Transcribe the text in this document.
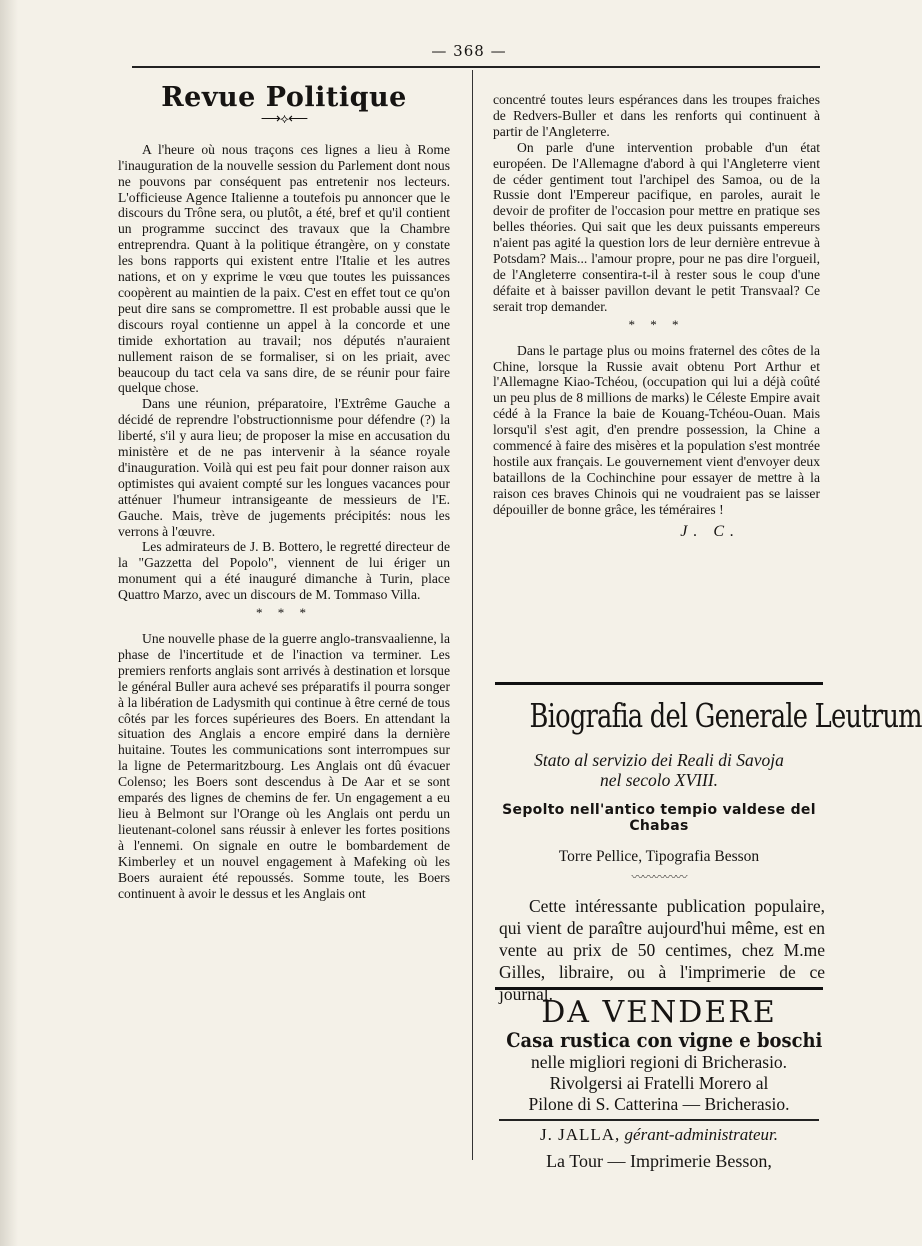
— 368 —
Revue Politique
⟶⟡⟵

A l'heure où nous traçons ces lignes a lieu à Rome l'inauguration de la nouvelle session du Parlement dont nous ne pouvons par conséquent pas entretenir nos lecteurs. L'officieuse Agence Italienne a toutefois pu annoncer que le discours du Trône sera, ou plutôt, a été, bref et qu'il contient un programme succinct des travaux que la Chambre entreprendra. Quant à la politique étrangère, on y constate les bons rapports qui existent entre l'Italie et les autres nations, et on y exprime le vœu que toutes les puissances coopèrent au maintien de la paix. C'est en effet tout ce qu'on peut dire sans se compromettre. Il est probable aussi que le discours royal contienne un appel à la concorde et une timide exhortation au travail; nos députés n'auraient nullement raison de se formaliser, si on les priait, avec beaucoup du tact cela va sans dire, de se réunir pour faire quelque chose.

Dans une réunion, préparatoire, l'Extrême Gauche a décidé de reprendre l'obstructionnisme pour défendre (?) la liberté, s'il y aura lieu; de proposer la mise en accusation du ministère et de ne pas intervenir à la séance royale d'inauguration. Voilà qui est peu fait pour donner raison aux optimistes qui avaient compté sur les longues vacances pour atténuer l'humeur intransigeante de messieurs de l'E. Gauche. Mais, trève de jugements précipités: nous les verrons à l'œuvre.

Les admirateurs de J. B. Bottero, le regretté directeur de la "Gazzetta del Popolo", viennent de lui ériger un monument qui a été inauguré dimanche à Turin, place Quattro Marzo, avec un discours de M. Tommaso Villa.

* * *

Une nouvelle phase de la guerre anglo-transvaalienne, la phase de l'incertitude et de l'inaction va terminer. Les premiers renforts anglais sont arrivés à destination et lorsque le général Buller aura achevé ses préparatifs il pourra songer à la libération de Ladysmith qui continue à être cerné de tous côtés par les forces supérieures des Boers. En attendant la situation des Anglais a encore empiré dans la dernière huitaine. Toutes les communications sont interrompues sur la ligne de Petermaritzbourg. Les Anglais ont dû évacuer Colenso; les Boers sont descendus à De Aar et se sont emparés des lignes de chemins de fer. Un engagement a eu lieu à Belmont sur l'Orange où les Anglais ont perdu un lieutenant-colonel sans réussir à enlever les fortes positions à l'ennemi. On signale en outre le bombardement de Kimberley et un nouvel engagement à Mafeking où les Boers auraient été repoussés. Somme toute, les Boers continuent à avoir le dessus et les Anglais ont

concentré toutes leurs espérances dans les troupes fraiches de Redvers-Buller et dans les renforts qui continuent à partir de l'Angleterre.

On parle d'une intervention probable d'un état européen. De l'Allemagne d'abord à qui l'Angleterre vient de céder gentiment tout l'archipel des Samoa, ou de la Russie dont l'Empereur pacifique, en paroles, aurait le devoir de profiter de l'occasion pour mettre en pratique ses belles théories. Qui sait que les deux puissants empereurs n'aient pas agité la question lors de leur dernière entrevue à Potsdam? Mais... l'amour propre, pour ne pas dire l'orgueil, de l'Angleterre consentira-t-il à rester sous le coup d'une défaite et à baisser pavillon devant le petit Transvaal? Ce serait trop demander.

* * *

Dans le partage plus ou moins fraternel des côtes de la Chine, lorsque la Russie avait obtenu Port Arthur et l'Allemagne Kiao-Tchéou, (occupation qui lui a déjà coûté un peu plus de 8 millions de marks) le Céleste Empire avait cédé à la France la baie de Kouang-Tchéou-Ouan. Mais lorsqu'il s'est agit, d'en prendre possession, la Chine a commencé à faire des misères et la population s'est montrée hostile aux français. Le gouvernement vient d'envoyer deux bataillons de la Cochinchine pour essayer de mettre à la raison ces braves Chinois qui ne voudraient pas se laisser dépouiller de bonne grâce, les téméraires !

J. C.
Biografia del Generale Leutrum

Stato al servizio dei Reali di Savoja

nel secolo XVIII.

Sepolto nell'antico tempio valdese del Chabas

Torre Pellice, Tipografia Besson

〰〰〰〰〰

Cette intéressante publication populaire, qui vient de paraître aujourd'hui même, est en vente au prix de 50 centimes, chez M.me Gilles, libraire, ou à l'imprimerie de ce journal.

DA VENDERE

Casa rustica con vigne e boschi

nelle migliori regioni di Bricherasio.

Rivolgersi ai Fratelli Morero al

Pilone di S. Catterina — Bricherasio.

J. JALLA, gérant-administrateur.

La Tour — Imprimerie Besson,
